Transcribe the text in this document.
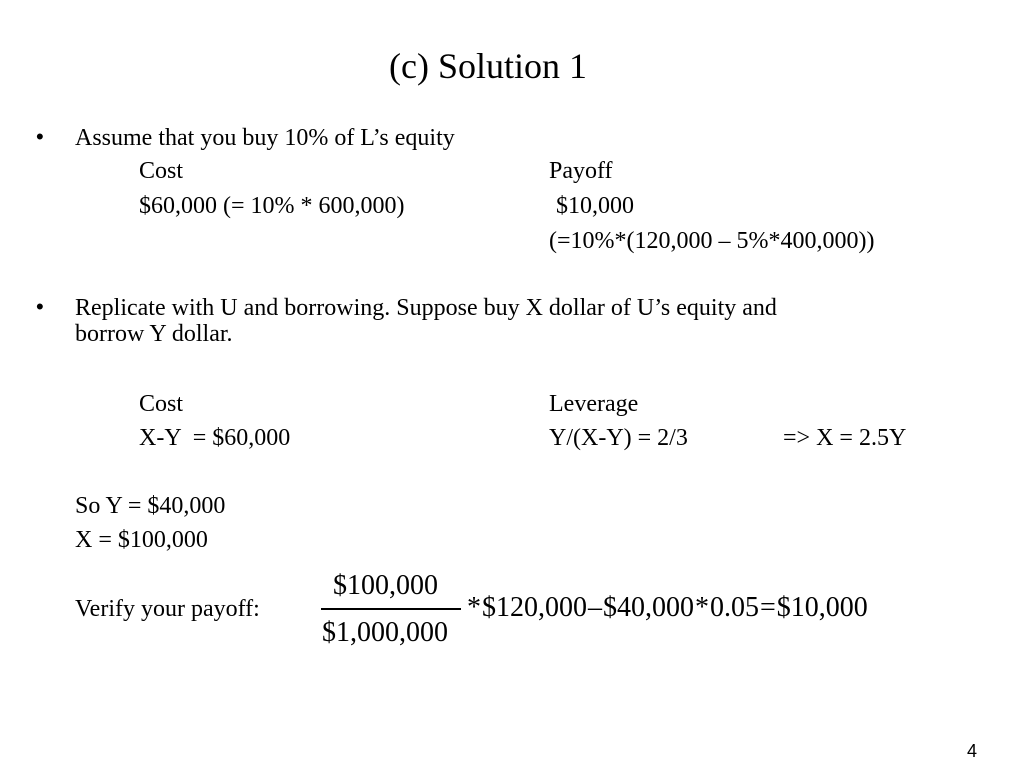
(c) Solution 1
• Assume that you buy 10% of L’s equity
Cost	Payoff
$60,000 (= 10% * 600,000)	$10,000
(=10%*(120,000 – 5%*400,000))
• Replicate with U and borrowing. Suppose buy X dollar of U’s equity and
borrow Y dollar.
Cost	Leverage
X-Y  = $60,000	Y/(X-Y) = 2/3	=> X = 2.5Y
So Y = $40,000
X = $100,000
Verify your payoff:
$100,000
$1,000,000
* $120,000 – $40,000 * 0.05 = $10,000
4
